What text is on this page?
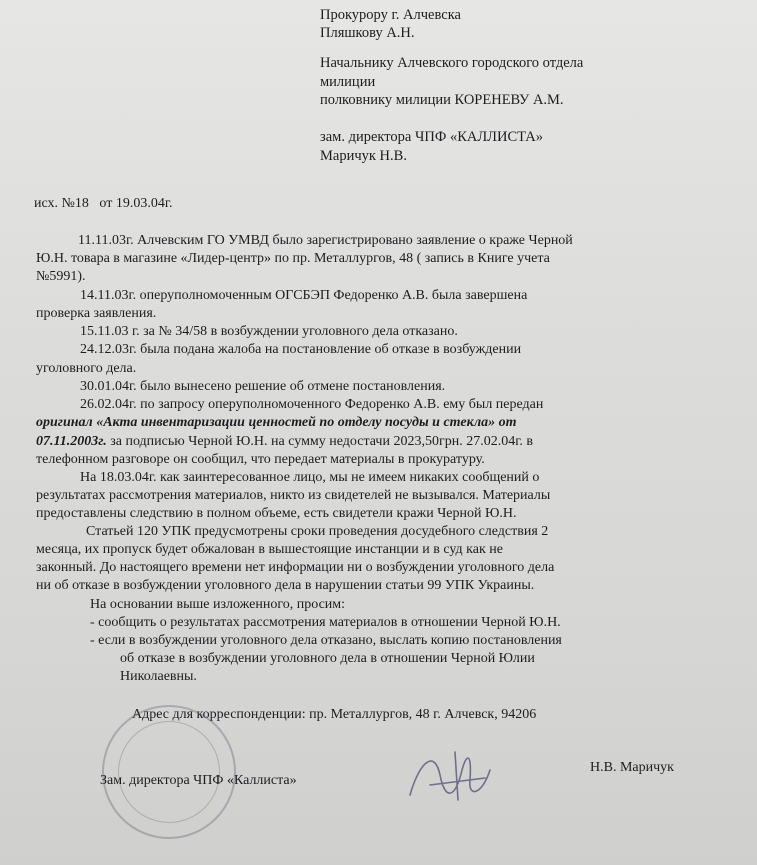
Прокурору г. Алчевска
Пляшкову А.Н.
Начальнику Алчевского городского отдела
милиции
полковнику милиции КОРЕНЕВУ А.М.
зам. директора ЧПФ «КАЛЛИСТА»
Маричук Н.В.
исх. №18 от 19.03.04г.
11.11.03г. Алчевским ГО УМВД было зарегистрировано заявление о краже Черной
Ю.Н. товара в магазине «Лидер-центр» по пр. Металлургов, 48 ( запись в Книге учета
№5991).
14.11.03г. оперуполномоченным ОГСБЭП Федоренко А.В. была завершена
проверка заявления.
15.11.03 г. за № 34/58 в возбуждении уголовного дела отказано.
24.12.03г. была подана жалоба на постановление об отказе в возбуждении
уголовного дела.
30.01.04г. было вынесено решение об отмене постановления.
26.02.04г. по запросу оперуполномоченного Федоренко А.В. ему был передан
оригинал «Акта инвентаризации ценностей по отделу посуды и стекла» от
07.11.2003г. за подписью Черной Ю.Н. на сумму недостачи 2023,50грн. 27.02.04г. в
телефонном разговоре он сообщил, что передает материалы в прокуратуру.
На 18.03.04г. как заинтересованное лицо, мы не имеем никаких сообщений о
результатах рассмотрения материалов, никто из свидетелей не вызывался. Материалы
предоставлены следствию в полном объеме, есть свидетели кражи Черной Ю.Н.
Статьей 120 УПК предусмотрены сроки проведения досудебного следствия 2
месяца, их пропуск будет обжалован в вышестоящие инстанции и в суд как не
законный. До настоящего времени нет информации ни о возбуждении уголовного дела
ни об отказе в возбуждении уголовного дела в нарушении статьи 99 УПК Украины.
На основании выше изложенного, просим:
- сообщить о результатах рассмотрения материалов в отношении Черной Ю.Н.
- если в возбуждении уголовного дела отказано, выслать копию постановления
об отказе в возбуждении уголовного дела в отношении Черной Юлии
Николаевны.
Адрес для корреспонденции: пр. Металлургов, 48 г. Алчевск, 94206
Зам. директора ЧПФ «Каллиста»
Н.В. Маричук
